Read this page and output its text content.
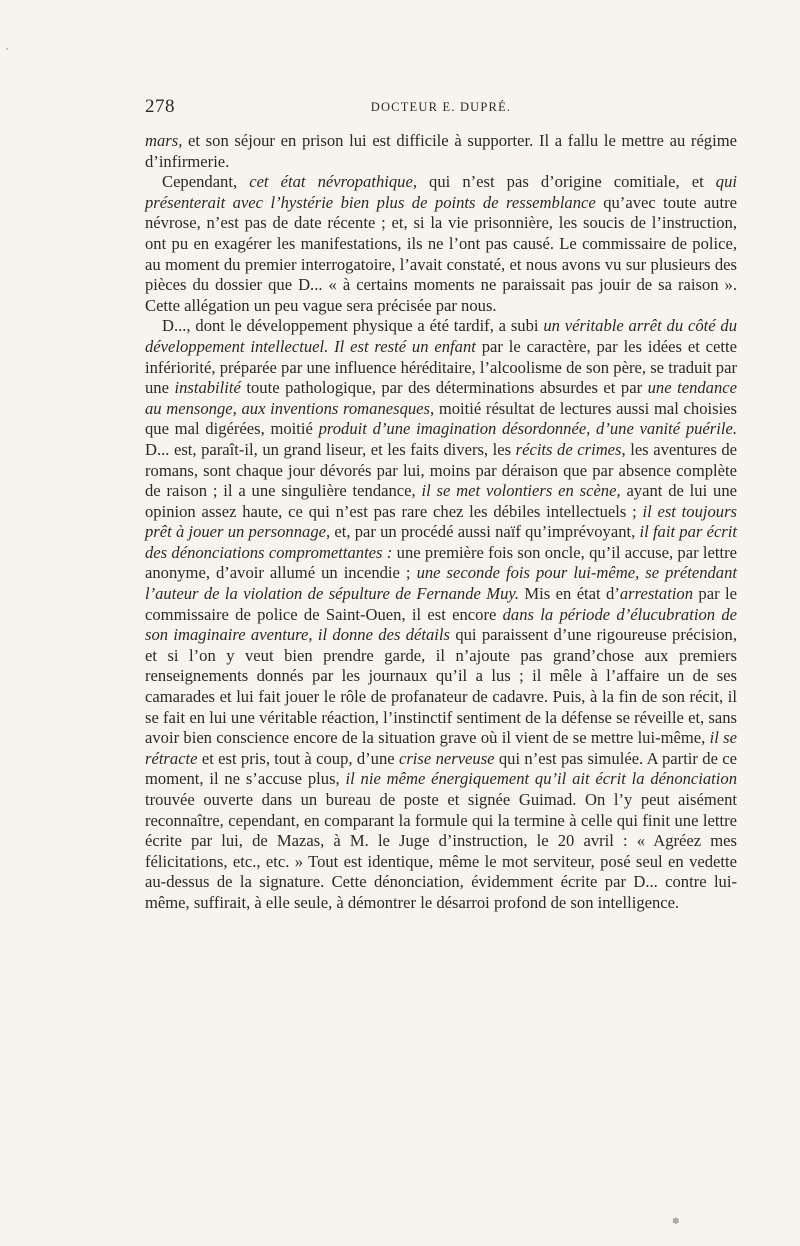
278	DOCTEUR E. DUPRÉ.

mars, et son séjour en prison lui est difficile à supporter. Il a fallu le mettre au régime d’infirmerie.

Cependant, cet état névropathique, qui n’est pas d’origine comitiale, et qui présenterait avec l’hystérie bien plus de points de ressemblance qu’avec toute autre névrose, n’est pas de date récente ; et, si la vie prisonnière, les soucis de l’instruction, ont pu en exagérer les manifestations, ils ne l’ont pas causé. Le commissaire de police, au moment du premier interrogatoire, l’avait constaté, et nous avons vu sur plusieurs des pièces du dossier que D... « à certains moments ne paraissait pas jouir de sa raison ». Cette allégation un peu vague sera précisée par nous.

D..., dont le développement physique a été tardif, a subi un véritable arrêt du côté du développement intellectuel. Il est resté un enfant par le caractère, par les idées et cette infériorité, préparée par une influence héréditaire, l’alcoolisme de son père, se traduit par une instabilité toute pathologique, par des déterminations absurdes et par une tendance au mensonge, aux inventions romanesques, moitié résultat de lectures aussi mal choisies que mal digérées, moitié produit d’une imagination désordonnée, d’une vanité puérile. D... est, paraît-il, un grand liseur, et les faits divers, les récits de crimes, les aventures de romans, sont chaque jour dévorés par lui, moins par déraison que par absence complète de raison ; il a une singulière tendance, il se met volontiers en scène, ayant de lui une opinion assez haute, ce qui n’est pas rare chez les débiles intellectuels ; il est toujours prêt à jouer un personnage, et, par un procédé aussi naïf qu’imprévoyant, il fait par écrit des dénonciations compromettantes : une première fois son oncle, qu’il accuse, par lettre anonyme, d’avoir allumé un incendie ; une seconde fois pour lui-même, se prétendant l’auteur de la violation de sépulture de Fernande Muy. Mis en état d’arrestation par le commissaire de police de Saint-Ouen, il est encore dans la période d’élucubration de son imaginaire aventure, il donne des détails qui paraissent d’une rigoureuse précision, et si l’on y veut bien prendre garde, il n’ajoute pas grand’chose aux premiers renseignements donnés par les journaux qu’il a lus ; il mêle à l’affaire un de ses camarades et lui fait jouer le rôle de profanateur de cadavre. Puis, à la fin de son récit, il se fait en lui une véritable réaction, l’instinctif sentiment de la défense se réveille et, sans avoir bien conscience encore de la situation grave où il vient de se mettre lui-même, il se rétracte et est pris, tout à coup, d’une crise nerveuse qui n’est pas simulée. A partir de ce moment, il ne s’accuse plus, il nie même énergiquement qu’il ait écrit la dénonciation trouvée ouverte dans un bureau de poste et signée Guimad. On l’y peut aisément reconnaître, cependant, en comparant la formule qui la termine à celle qui finit une lettre écrite par lui, de Mazas, à M. le Juge d’instruction, le 20 avril : « Agréez mes félicitations, etc., etc. » Tout est identique, même le mot serviteur, posé seul en vedette au-dessus de la signature. Cette dénonciation, évidemment écrite par D... contre lui-même, suffirait, à elle seule, à démontrer le désarroi profond de son intelligence.

✽
